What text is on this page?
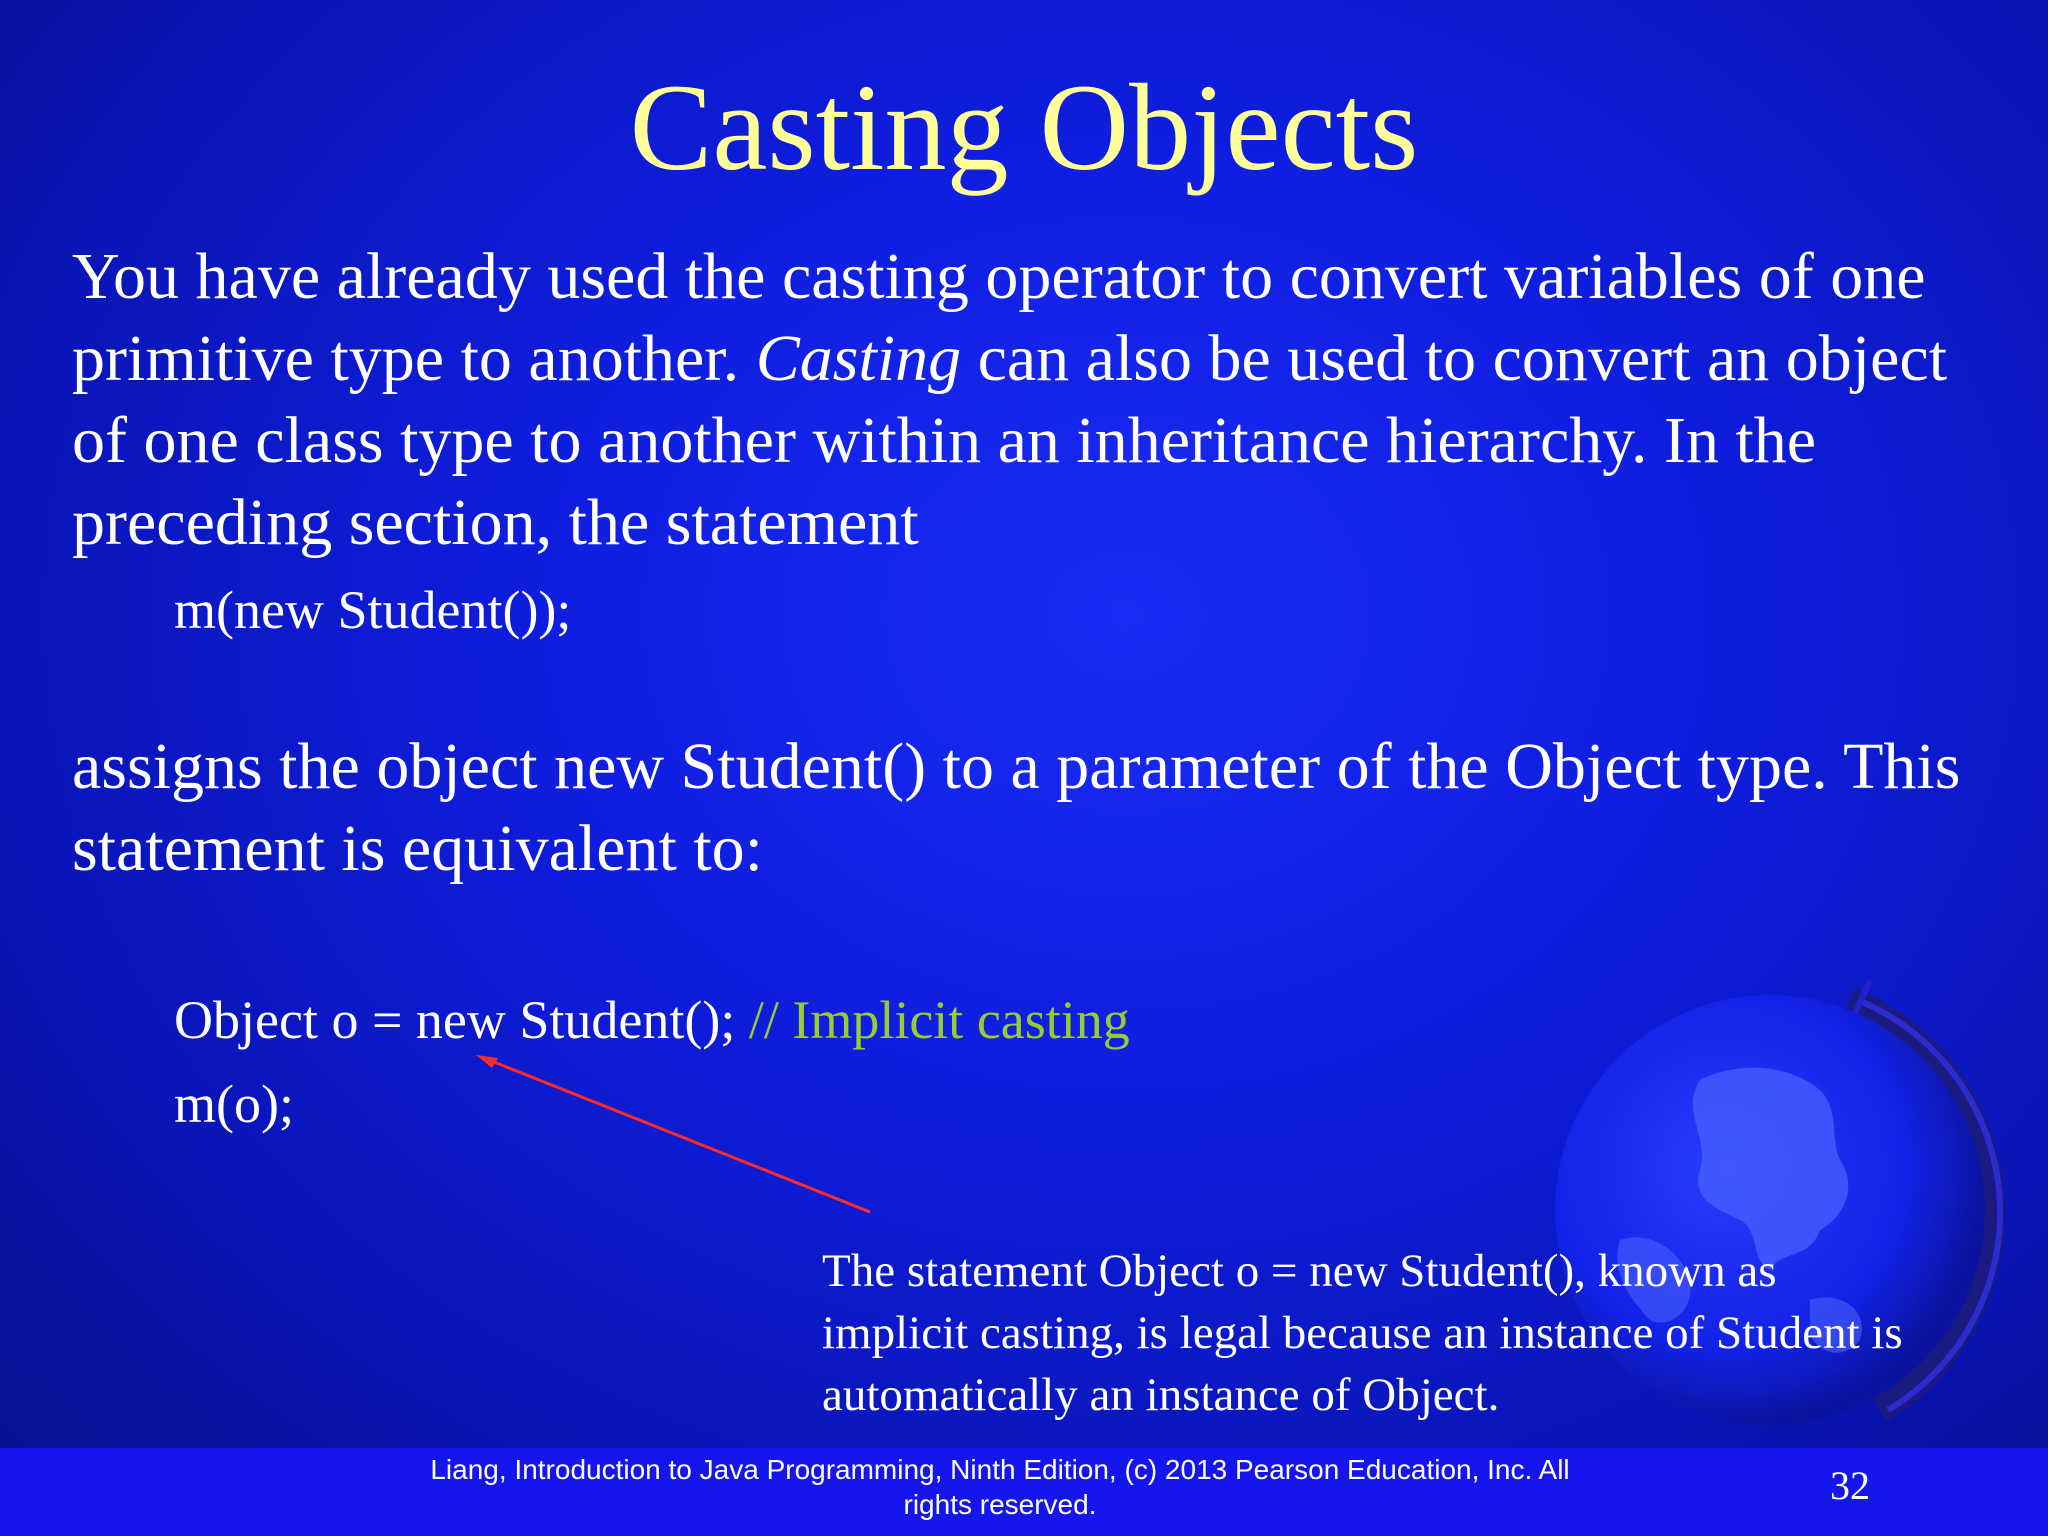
Casting Objects
You have already used the casting operator to convert variables of one primitive type to another. Casting can also be used to convert an object of one class type to another within an inheritance hierarchy. In the preceding section, the statement
m(new Student());
assigns the object new Student() to a parameter of the Object type. This statement is equivalent to:
Object o = new Student(); // Implicit casting
m(o);
The statement Object o = new Student(), known as implicit casting, is legal because an instance of Student is automatically an instance of Object.
Liang, Introduction to Java Programming, Ninth Edition, (c) 2013 Pearson Education, Inc. All rights reserved.	32
